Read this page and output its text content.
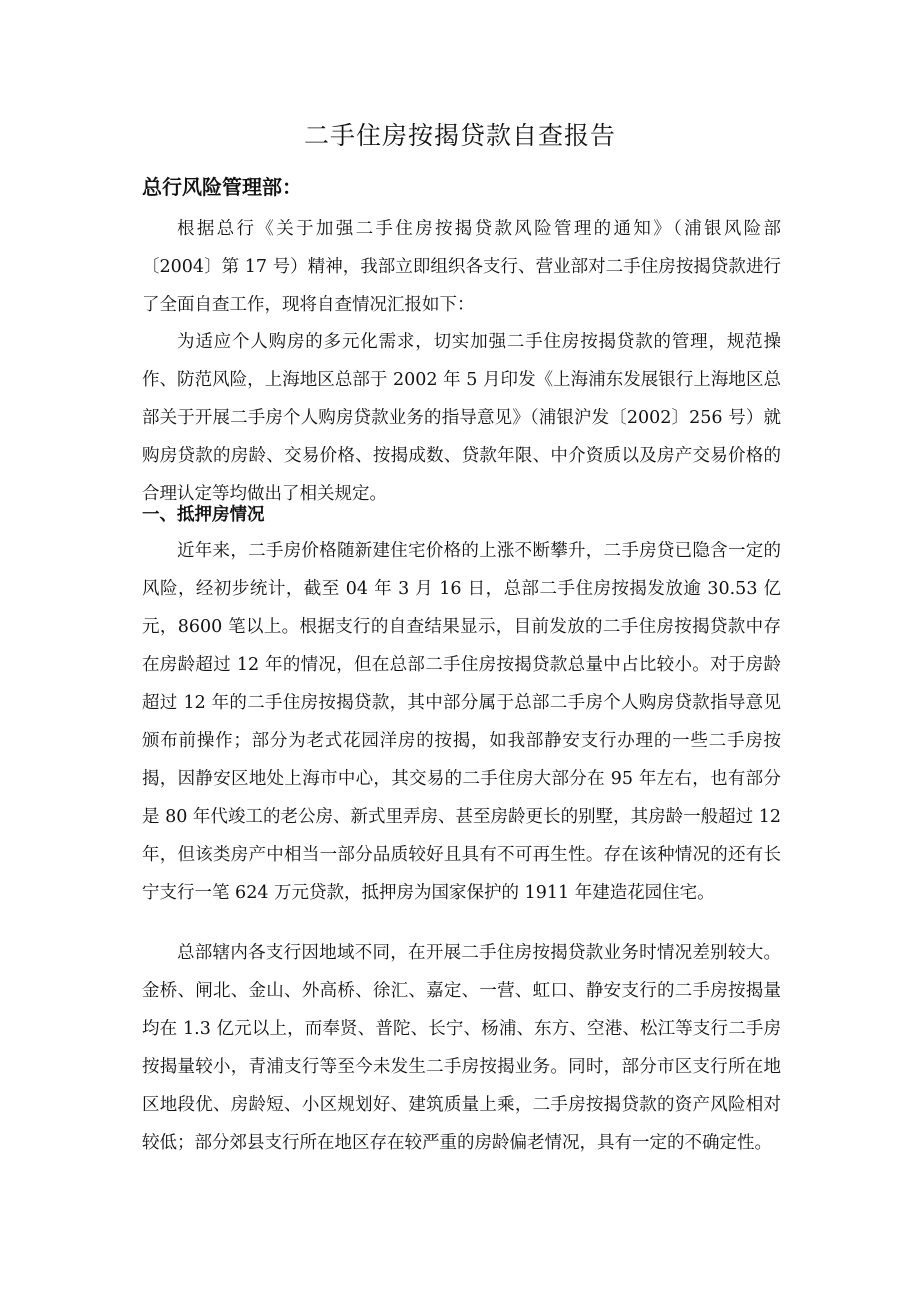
二手住房按揭贷款自查报告

总行风险管理部：

根据总行《关于加强二手住房按揭贷款风险管理的通知》（浦银风险部〔2004〕第 17 号）精神，我部立即组织各支行、营业部对二手住房按揭贷款进行了全面自查工作，现将自查情况汇报如下：

为适应个人购房的多元化需求，切实加强二手住房按揭贷款的管理，规范操作、防范风险，上海地区总部于 2002 年 5 月印发《上海浦东发展银行上海地区总部关于开展二手房个人购房贷款业务的指导意见》（浦银沪发〔2002〕256 号）就购房贷款的房龄、交易价格、按揭成数、贷款年限、中介资质以及房产交易价格的合理认定等均做出了相关规定。

一、抵押房情况

近年来，二手房价格随新建住宅价格的上涨不断攀升，二手房贷已隐含一定的风险，经初步统计，截至 04 年 3 月 16 日，总部二手住房按揭发放逾 30.53 亿元，8600 笔以上。根据支行的自查结果显示，目前发放的二手住房按揭贷款中存在房龄超过 12 年的情况，但在总部二手住房按揭贷款总量中占比较小。对于房龄超过 12 年的二手住房按揭贷款，其中部分属于总部二手房个人购房贷款指导意见颁布前操作；部分为老式花园洋房的按揭，如我部静安支行办理的一些二手房按揭，因静安区地处上海市中心，其交易的二手住房大部分在 95 年左右，也有部分是 80 年代竣工的老公房、新式里弄房、甚至房龄更长的别墅，其房龄一般超过 12 年，但该类房产中相当一部分品质较好且具有不可再生性。存在该种情况的还有长宁支行一笔 624 万元贷款，抵押房为国家保护的 1911 年建造花园住宅。

总部辖内各支行因地域不同，在开展二手住房按揭贷款业务时情况差别较大。金桥、闸北、金山、外高桥、徐汇、嘉定、一营、虹口、静安支行的二手房按揭量均在 1.3 亿元以上，而奉贤、普陀、长宁、杨浦、东方、空港、松江等支行二手房按揭量较小，青浦支行等至今未发生二手房按揭业务。同时，部分市区支行所在地区地段优、房龄短、小区规划好、建筑质量上乘，二手房按揭贷款的资产风险相对较低；部分郊县支行所在地区存在较严重的房龄偏老情况，具有一定的不确定性。
